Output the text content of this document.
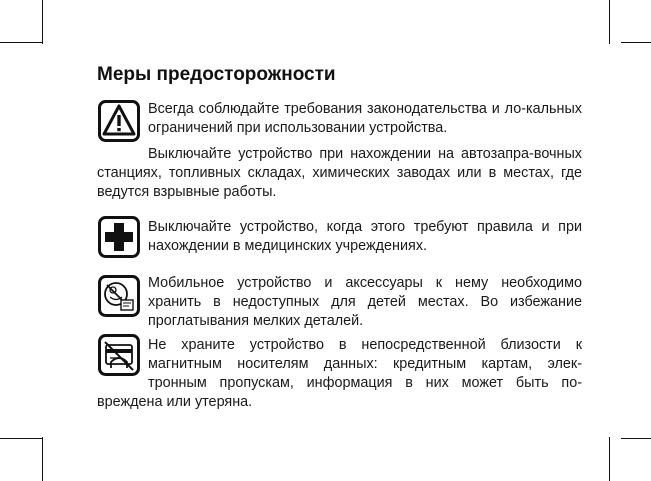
Меры предосторожности
Всегда соблюдайте требования законодательства и ло-кальных ограничений при использовании устройства.
Выключайте устройство при нахождении на автозапра-вочных станциях, топливных складах, химических заводах или в местах, где ведутся взрывные работы.
Выключайте устройство, когда этого требуют правила и при нахождении в медицинских учреждениях.
Мобильное устройство и аксессуары к нему необходимо хранить в недоступных для детей местах. Во избежание проглатывания мелких деталей.
Не храните устройство в непосредственной близости к магнитным носителям данных: кредитным картам, элек-тронным пропускам, информация в них может быть по-вреждена или утеряна.
